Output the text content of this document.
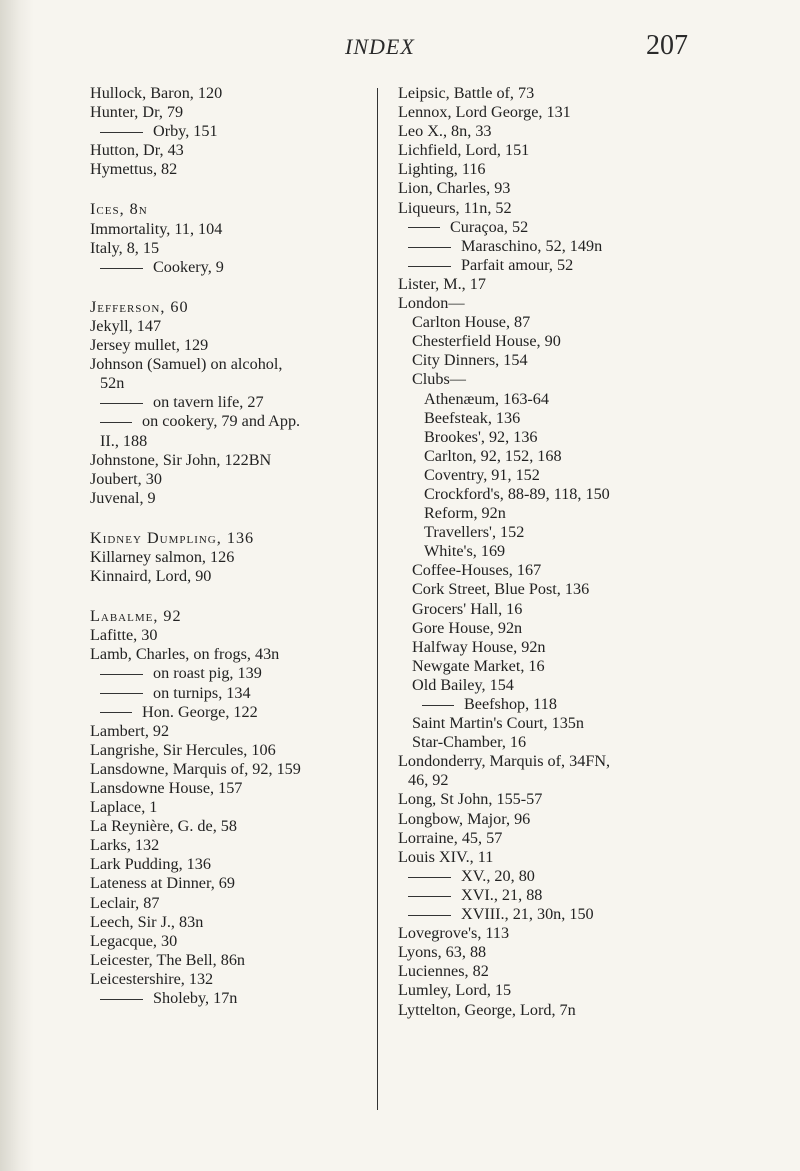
INDEX	207
Hullock, Baron, 120
Hunter, Dr, 79
Orby, 151
Hutton, Dr, 43
Hymettus, 82
Ices, 8n
Immortality, 11, 104
Italy, 8, 15
Cookery, 9
Jefferson, 60
Jekyll, 147
Jersey mullet, 129
Johnson (Samuel) on alcohol,
52n
on tavern life, 27
on cookery, 79 and App.
II., 188
Johnstone, Sir John, 122BN
Joubert, 30
Juvenal, 9
Kidney Dumpling, 136
Killarney salmon, 126
Kinnaird, Lord, 90
Labalme, 92
Lafitte, 30
Lamb, Charles, on frogs, 43n
on roast pig, 139
on turnips, 134
Hon. George, 122
Lambert, 92
Langrishe, Sir Hercules, 106
Lansdowne, Marquis of, 92, 159
Lansdowne House, 157
Laplace, 1
La Reynière, G. de, 58
Larks, 132
Lark Pudding, 136
Lateness at Dinner, 69
Leclair, 87
Leech, Sir J., 83n
Legacque, 30
Leicester, The Bell, 86n
Leicestershire, 132
Sholeby, 17n
Leipsic, Battle of, 73
Lennox, Lord George, 131
Leo X., 8n, 33
Lichfield, Lord, 151
Lighting, 116
Lion, Charles, 93
Liqueurs, 11n, 52
Curaçoa, 52
Maraschino, 52, 149n
Parfait amour, 52
Lister, M., 17
London—
Carlton House, 87
Chesterfield House, 90
City Dinners, 154
Clubs—
Athenæum, 163-64
Beefsteak, 136
Brookes', 92, 136
Carlton, 92, 152, 168
Coventry, 91, 152
Crockford's, 88-89, 118, 150
Reform, 92n
Travellers', 152
White's, 169
Coffee-Houses, 167
Cork Street, Blue Post, 136
Grocers' Hall, 16
Gore House, 92n
Halfway House, 92n
Newgate Market, 16
Old Bailey, 154
Beefshop, 118
Saint Martin's Court, 135n
Star-Chamber, 16
Londonderry, Marquis of, 34FN,
46, 92
Long, St John, 155-57
Longbow, Major, 96
Lorraine, 45, 57
Louis XIV., 11
XV., 20, 80
XVI., 21, 88
XVIII., 21, 30n, 150
Lovegrove's, 113
Lyons, 63, 88
Luciennes, 82
Lumley, Lord, 15
Lyttelton, George, Lord, 7n
